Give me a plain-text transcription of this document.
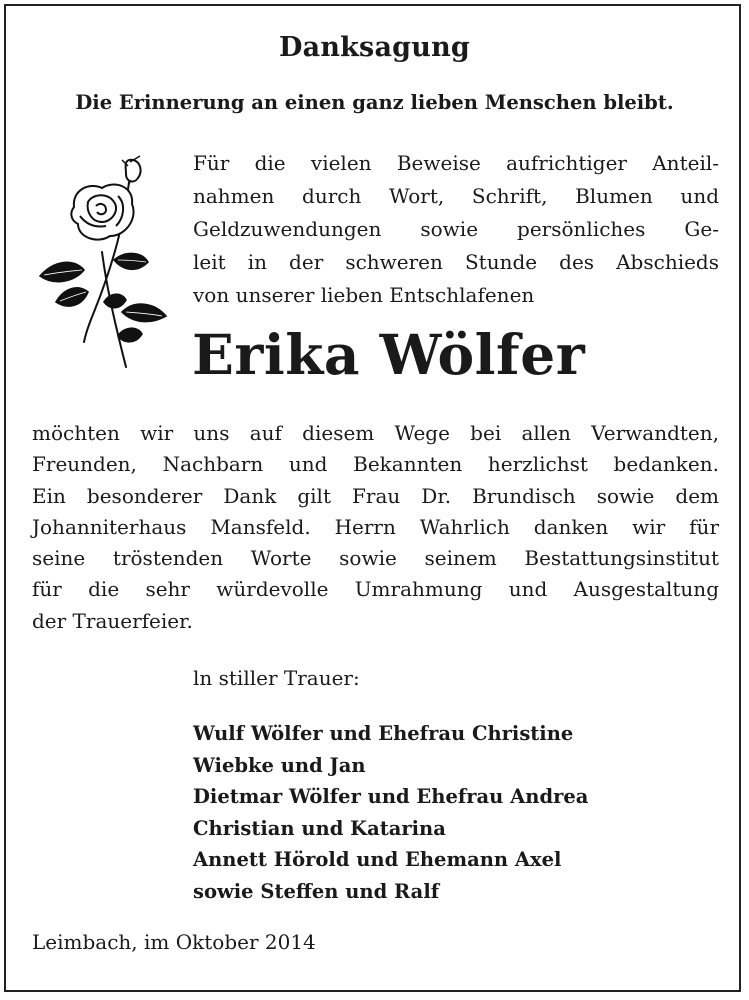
Danksagung
Die Erinnerung an einen ganz lieben Menschen bleibt.
Für die vielen Beweise aufrichtiger Anteil-
nahmen durch Wort, Schrift, Blumen und
Geldzuwendungen sowie persönliches Ge-
leit in der schweren Stunde des Abschieds
von unserer lieben Entschlafenen
Erika Wölfer
möchten wir uns auf diesem Wege bei allen Verwandten,
Freunden, Nachbarn und Bekannten herzlichst bedanken.
Ein besonderer Dank gilt Frau Dr. Brundisch sowie dem
Johanniterhaus Mansfeld. Herrn Wahrlich danken wir für
seine tröstenden Worte sowie seinem Bestattungsinstitut
für die sehr würdevolle Umrahmung und Ausgestaltung
der Trauerfeier.
ln stiller Trauer:
Wulf Wölfer und Ehefrau Christine
Wiebke und Jan
Dietmar Wölfer und Ehefrau Andrea
Christian und Katarina
Annett Hörold und Ehemann Axel
sowie Steffen und Ralf
Leimbach, im Oktober 2014
